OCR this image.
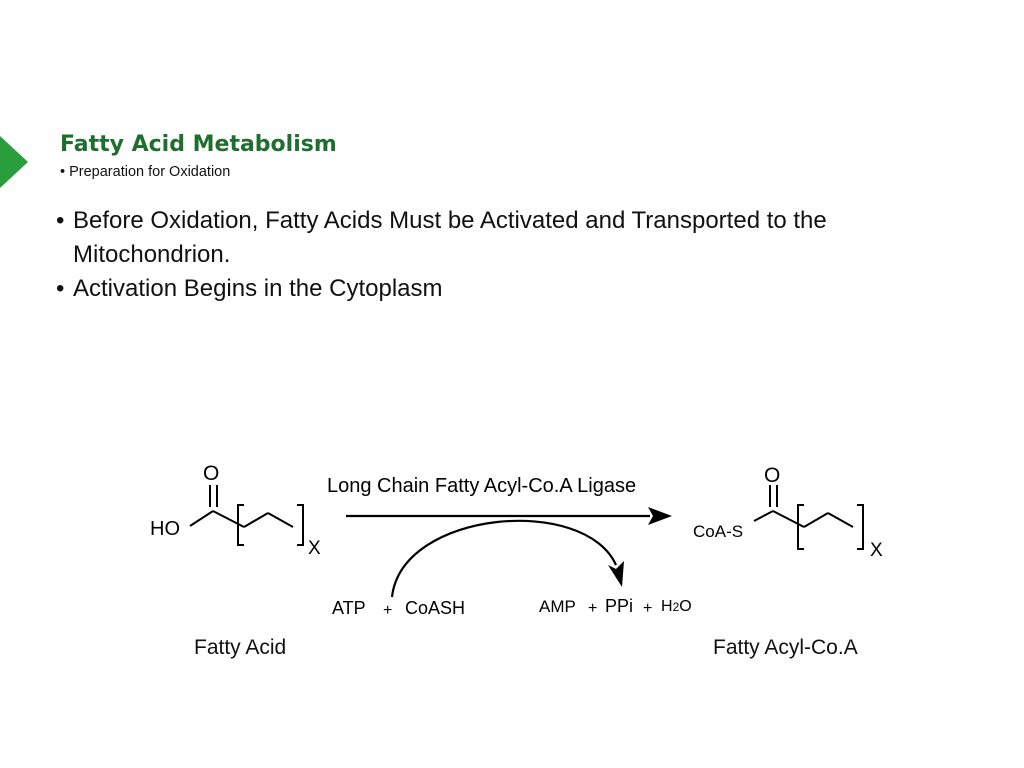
Fatty Acid Metabolism
• Preparation for Oxidation
• Before Oxidation, Fatty Acids Must be Activated and Transported to the Mitochondrion.
• Activation Begins in the Cytoplasm
Long Chain Fatty Acyl-Co.A Ligase
O
HO
X
O
CoA-S
X
ATP + CoASH	AMP + PPi + H2O
Fatty Acid	Fatty Acyl-Co.A
